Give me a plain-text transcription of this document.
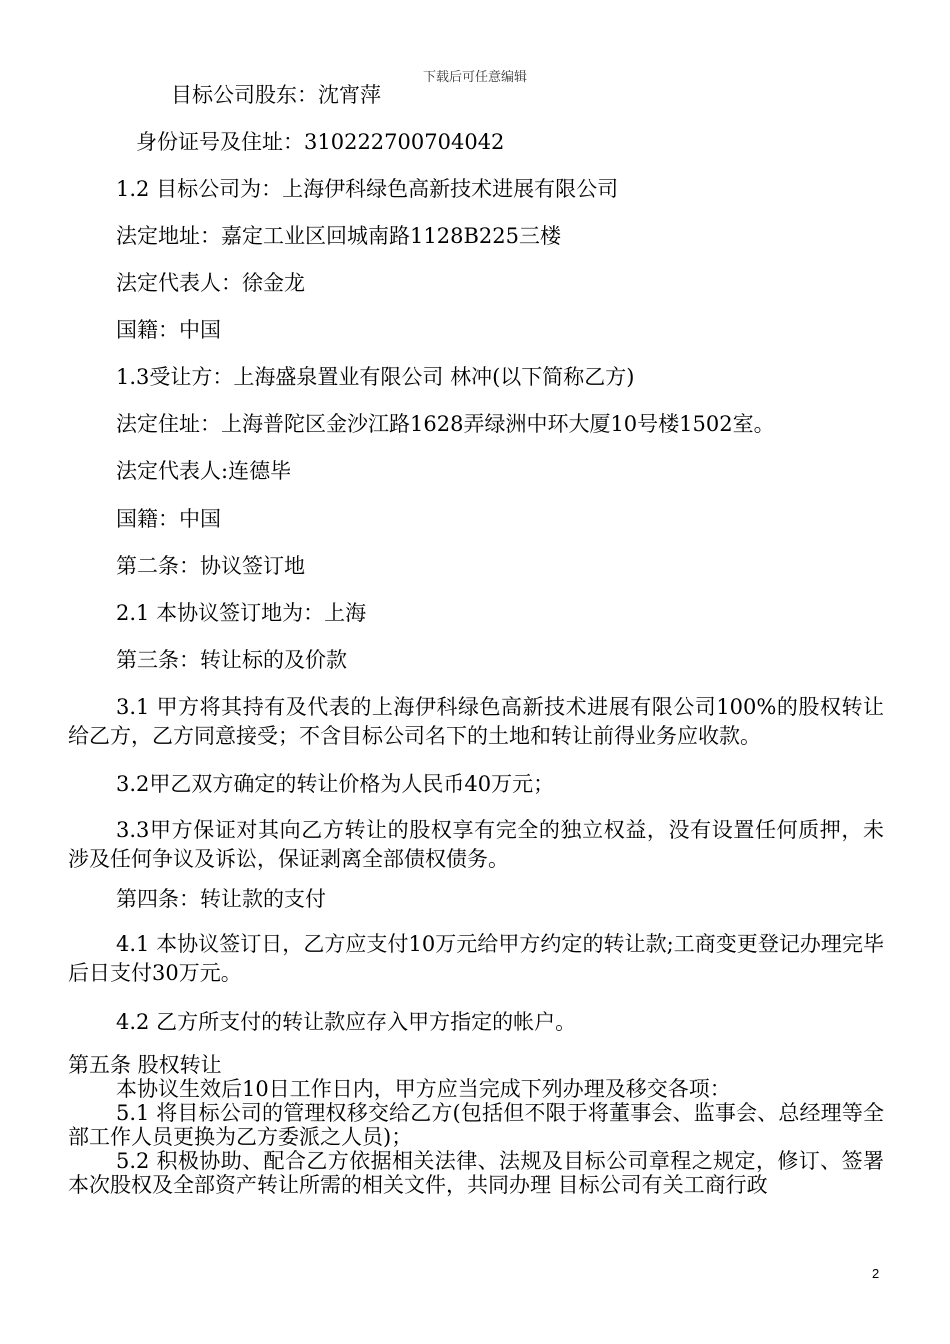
下载后可任意编辑
目标公司股东：沈宵萍
身份证号及住址：310222700704042
1.2 目标公司为：上海伊科绿色高新技术进展有限公司
法定地址：嘉定工业区回城南路1128B225三楼
法定代表人：徐金龙
国籍：中国
1.3受让方：上海盛泉置业有限公司 林冲(以下简称乙方)
法定住址：上海普陀区金沙江路1628弄绿洲中环大厦10号楼1502室。
法定代表人:连德毕
国籍：中国
第二条：协议签订地
2.1 本协议签订地为：上海
第三条：转让标的及价款
3.1 甲方将其持有及代表的上海伊科绿色高新技术进展有限公司100%的股权转让给乙方，乙方同意接受；不含目标公司名下的土地和转让前得业务应收款。
3.2甲乙双方确定的转让价格为人民币40万元；
3.3甲方保证对其向乙方转让的股权享有完全的独立权益，没有设置任何质押，未涉及任何争议及诉讼，保证剥离全部债权债务。
第四条：转让款的支付
4.1 本协议签订日，乙方应支付10万元给甲方约定的转让款;工商变更登记办理完毕后日支付30万元。
4.2 乙方所支付的转让款应存入甲方指定的帐户。
第五条 股权转让
本协议生效后10日工作日内，甲方应当完成下列办理及移交各项：
5.1 将目标公司的管理权移交给乙方(包括但不限于将董事会、监事会、总经理等全部工作人员更换为乙方委派之人员)；
5.2 积极协助、配合乙方依据相关法律、法规及目标公司章程之规定，修订、签署本次股权及全部资产转让所需的相关文件，共同办理 目标公司有关工商行政
2
